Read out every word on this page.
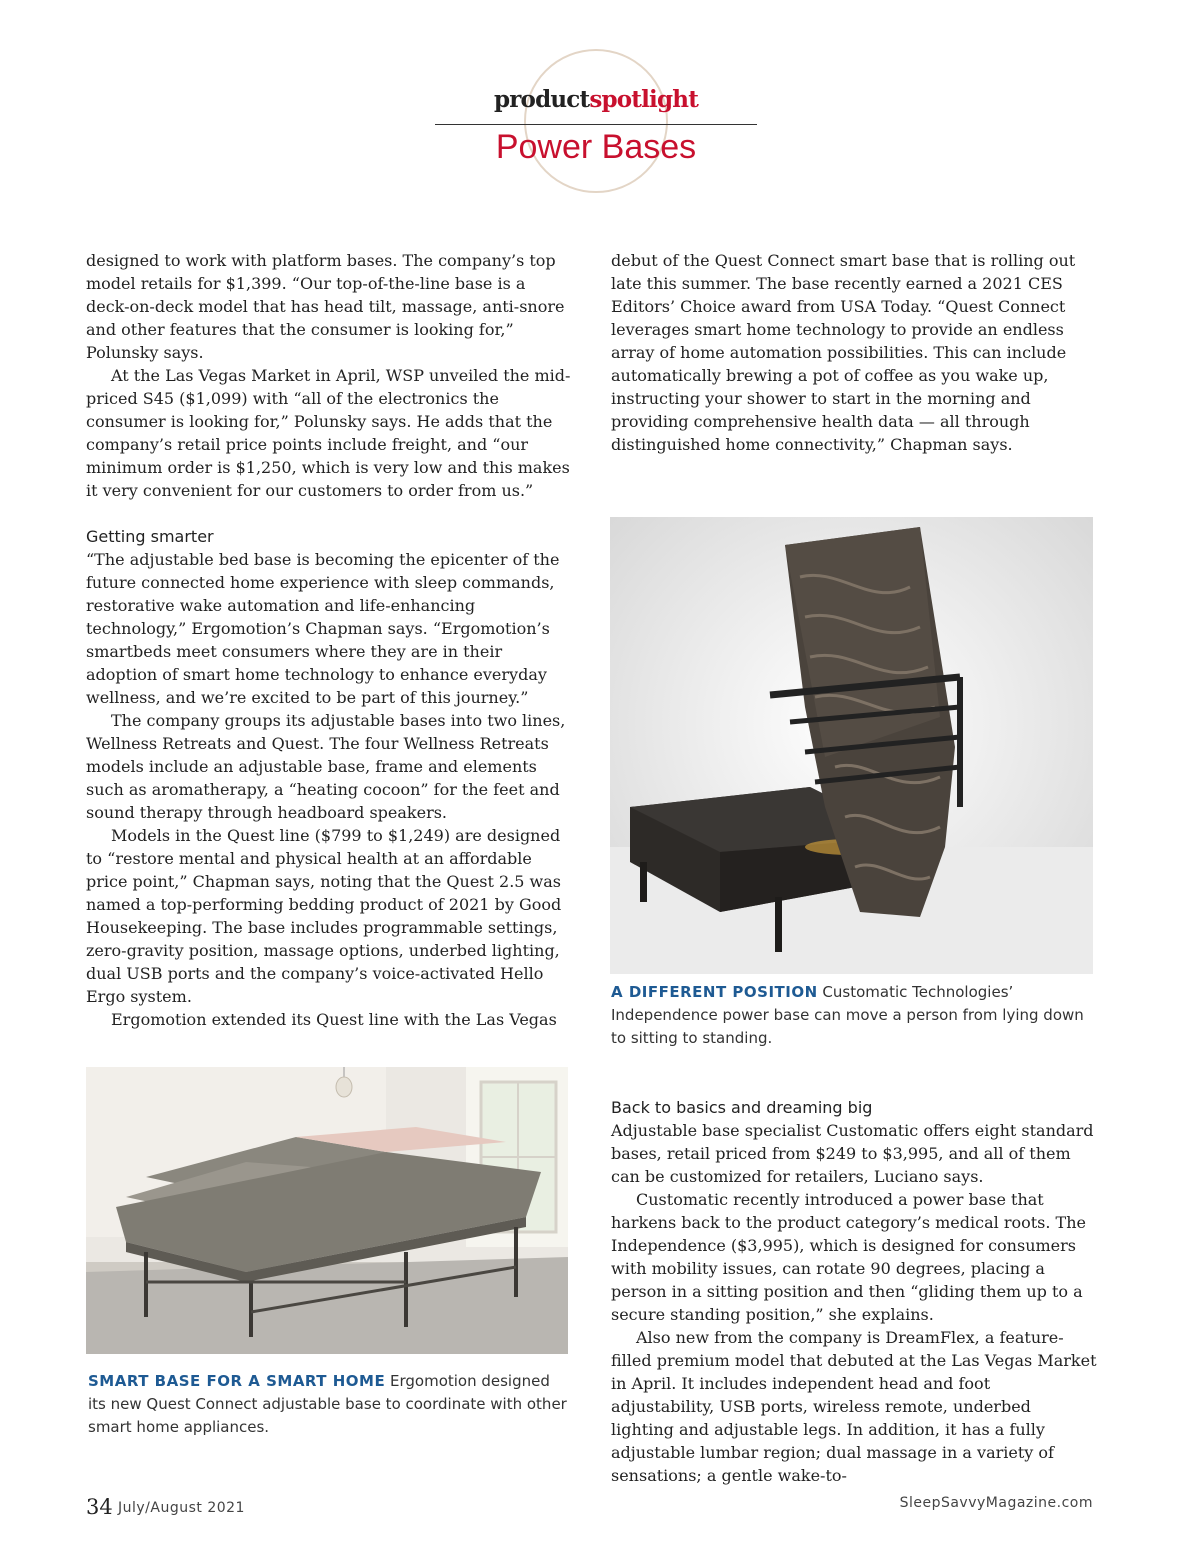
productspotlight
Power Bases

designed to work with platform bases. The company’s top model retails for $1,399. “Our top-of-the-line base is a deck-on-deck model that has head tilt, massage, anti-snore and other features that the consumer is looking for,” Polunsky says.

At the Las Vegas Market in April, WSP unveiled the mid-priced S45 ($1,099) with “all of the electronics the consumer is looking for,” Polunsky says. He adds that the company’s retail price points include freight, and “our minimum order is $1,250, which is very low and this makes it very convenient for our customers to order from us.”

Getting smarter

“The adjustable bed base is becoming the epicenter of the future connected home experience with sleep commands, restorative wake automation and life-enhancing technology,” Ergomotion’s Chapman says. “Ergomotion’s smartbeds meet consumers where they are in their adoption of smart home technology to enhance everyday wellness, and we’re excited to be part of this journey.”

The company groups its adjustable bases into two lines, Wellness Retreats and Quest. The four Wellness Retreats models include an adjustable base, frame and elements such as aromatherapy, a “heating cocoon” for the feet and sound therapy through headboard speakers.

Models in the Quest line ($799 to $1,249) are designed to “restore mental and physical health at an affordable price point,” Chapman says, noting that the Quest 2.5 was named a top-performing bedding product of 2021 by Good Housekeeping. The base includes programmable settings, zero-gravity position, massage options, underbed lighting, dual USB ports and the company’s voice-activated Hello Ergo system.

Ergomotion extended its Quest line with the Las Vegas

SMART BASE FOR A SMART HOME Ergomotion designed its new Quest Connect adjustable base to coordinate with other smart home appliances.

debut of the Quest Connect smart base that is rolling out late this summer. The base recently earned a 2021 CES Editors’ Choice award from USA Today. “Quest Connect leverages smart home technology to provide an endless array of home automation possibilities. This can include automatically brewing a pot of coffee as you wake up, instructing your shower to start in the morning and providing comprehensive health data — all through distinguished home connectivity,” Chapman says.

A DIFFERENT POSITION Customatic Technologies’ Independence power base can move a person from lying down to sitting to standing.

Back to basics and dreaming big

Adjustable base specialist Customatic offers eight standard bases, retail priced from $249 to $3,995, and all of them can be customized for retailers, Luciano says.

Customatic recently introduced a power base that harkens back to the product category’s medical roots. The Independence ($3,995), which is designed for consumers with mobility issues, can rotate 90 degrees, placing a person in a sitting position and then “gliding them up to a secure standing position,” she explains.

Also new from the company is DreamFlex, a feature-filled premium model that debuted at the Las Vegas Market in April. It includes independent head and foot adjustability, USB ports, wireless remote, underbed lighting and adjustable legs. In addition, it has a fully adjustable lumbar region; dual massage in a variety of sensations; a gentle wake-to-

34 July/August 2021	SleepSavvyMagazine.com
